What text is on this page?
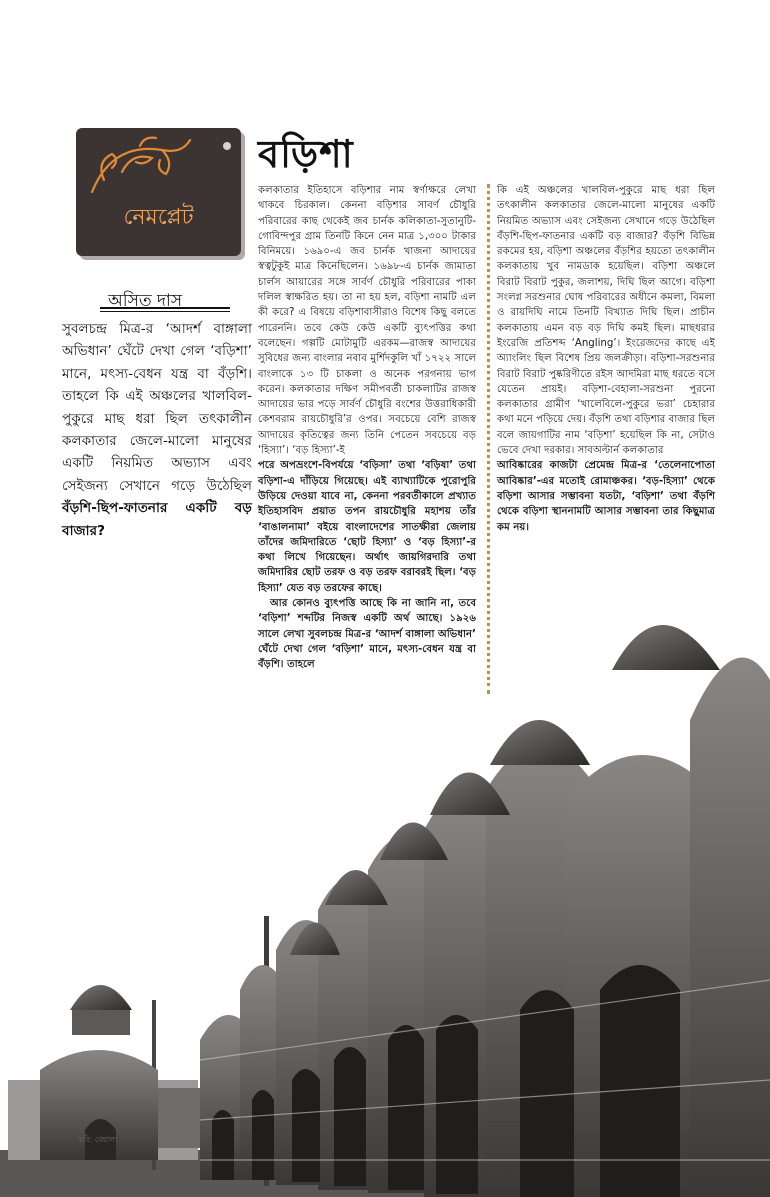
নেমপ্লেট
বড়িশা
অসিত দাস
সুবলচন্দ্র মিত্র-র ‘আদর্শ বাঙ্গালা অভিধান’ ঘেঁটে দেখা গেল ‘বড়িশা’ মানে, মৎস্য-বেধন যন্ত্র বা বঁড়শি। তাহলে কি এই অঞ্চলের খালবিল-পুকুরে মাছ ধরা ছিল তৎকালীন কলকাতার জেলে-মালো মানুষের একটি নিয়মিত অভ্যাস এবং সেইজন্য সেখানে গড়ে উঠেছিল বঁড়শি-ছিপ-ফাতনার একটি বড় বাজার?

কলকাতার ইতিহাসে বড়িশার নাম স্বর্ণাক্ষরে লেখা থাকবে চিরকাল। কেননা বড়িশার সাবর্ণ চৌধুরি পরিবারের কাছ থেকেই জব চার্নক কলিকাতা-সুতানুটি-গোবিন্দপুর গ্রাম তিনটি কিনে নেন মাত্র ১,৩০০ টাকার বিনিময়ে। ১৬৯০-এ জব চার্নক খাজনা আদায়ের স্বত্বটুকুই মাত্র কিনেছিলেন। ১৬৯৮-এ চার্নক জামাতা চার্লস আয়ারের সঙ্গে সার্বর্ণ চৌধুরি পরিবারের পাকা দলিল স্বাক্ষরিত হয়। তা না হয় হল, বড়িশা নামটি এল কী করে? এ বিষয়ে বড়িশাবাসীরাও বিশেষ কিছু বলতে পারেননি। তবে কেউ কেউ একটি ব্যুৎপত্তির কথা বলেছেন। গল্পটি মোটামুটি এরকম—রাজস্ব আদায়ের সুবিধের জন্য বাংলার নবাব মুর্শিদকুলি খাঁ ১৭২২ সালে বাংলাকে ১৩ টি চাকলা ও অনেক পরগনায় ভাগ করেন। কলকাতার দক্ষিণ সমীপবর্তী চাকলাটির রাজস্ব আদায়ের ভার পড়ে সার্বর্ণ চৌধুরি বংশের উত্তরাধিকারী কেশবরাম রায়চৌধুরি’র ওপর। সবচেয়ে বেশি রাজস্ব আদায়ের কৃতিত্বের জন্য তিনি পেতেন সবচেয়ে বড় ‘হিস্যা’। ‘বড় হিস্যা’-ই

পরে অপভ্রংশে-বিপর্যয়ে ‘বড়িসা’ তথা ‘বড়িষা’ তথা বড়িশা-এ দাঁড়িয়ে গিয়েছে। এই ব্যাখ্যাটিকে পুরোপুরি উড়িয়ে দেওয়া যাবে না, কেননা পরবর্তীকালে প্রখ্যাত ইতিহাসবিদ প্রয়াত তপন রায়চৌধুরি মহাশয় তাঁর ‘বাঙালনামা’ বইয়ে বাংলাদেশের সাতক্ষীরা জেলায় তাঁদের জমিদারিতে ‘ছোট হিস্যা’ ও ‘বড় হিস্যা’-র কথা লিখে গিয়েছেন। অর্থাৎ জায়গিরদারি তথা জমিদারির ছোট তরফ ও বড় তরফ বরাবরই ছিল। ‘বড় হিস্যা’ যেত বড় তরফের কাছে।

আর কোনও ব্যুৎপত্তি আছে কি না জানি না, তবে ‘বড়িশা’ শব্দটির নিজস্ব একটি অর্থ আছে। ১৯২৬ সালে লেখা সুবলচন্দ্র মিত্র-র ‘আদর্শ বাঙ্গালা অভিধান’ ঘেঁটে দেখা গেল ‘বড়িশা’ মানে, মৎস্য-বেধন যন্ত্র বা বঁড়শি। তাহলে

কি এই অঞ্চলের খালবিল-পুকুরে মাছ ধরা ছিল তৎকালীন কলকাতার জেলে-মালো মানুষের একটি নিয়মিত অভ্যাস এবং সেইজন্য সেখানে গড়ে উঠেছিল বঁড়শি-ছিপ-ফাতনার একটি বড় বাজার? বঁড়শি বিভিন্ন রকমের হয়, বড়িশা অঞ্চলের বঁড়শির হয়তো তৎকালীন কলকাতায় খুব নামডাক হয়েছিল। বড়িশা অঞ্চলে বিরাট বিরাট পুকুর, জলাশয়, দিঘি ছিল আগে। বড়িশা সংলগ্ন সরশুনার ঘোষ পরিবারের অধীনে কমলা, বিমলা ও রায়দিঘি নামে তিনটি বিখ্যাত দিঘি ছিল। প্রাচীন কলকাতায় এমন বড় বড় দিঘি কমই ছিল। মাছধরার ইংরেজি প্রতিশব্দ ‘Angling’। ইংরেজদের কাছে এই অ্যাংলিং ছিল বিশেষ প্রিয় জলক্রীড়া। বড়িশা-সরশুনার বিরাট বিরাট পুষ্করিণীতে রইস আদমিরা মাছ ধরতে বসে যেতেন প্রায়ই। বড়িশা-বেহালা-সরশুনা পুরনো কলকাতার গ্রামীণ ‘খালেবিলে-পুকুরে ভরা’ চেহারার কথা মনে পড়িয়ে দেয়। বঁড়শি তথা বড়িশার বাজার ছিল বলে জায়গাটির নাম ‘বড়িশা’ হয়েছিল কি না, সেটাও ভেবে দেখা দরকার। সাবঅল্টার্ন কলকাতার

আবিষ্কারের কাজটা প্রেমেন্দ্র মিত্র-র ‘তেলেনাপোতা আবিষ্কার’-এর মতোই রোমাঞ্চকর। ‘বড়-হিস্যা’ থেকে বড়িশা আসার সম্ভাবনা যতটা, ‘বড়িশা’ তথা বঁড়শি থেকে বড়িশা স্থাননামটি আসার সম্ভাবনা তার কিছুমাত্র কম নয়।

ছবি: বেহালা
